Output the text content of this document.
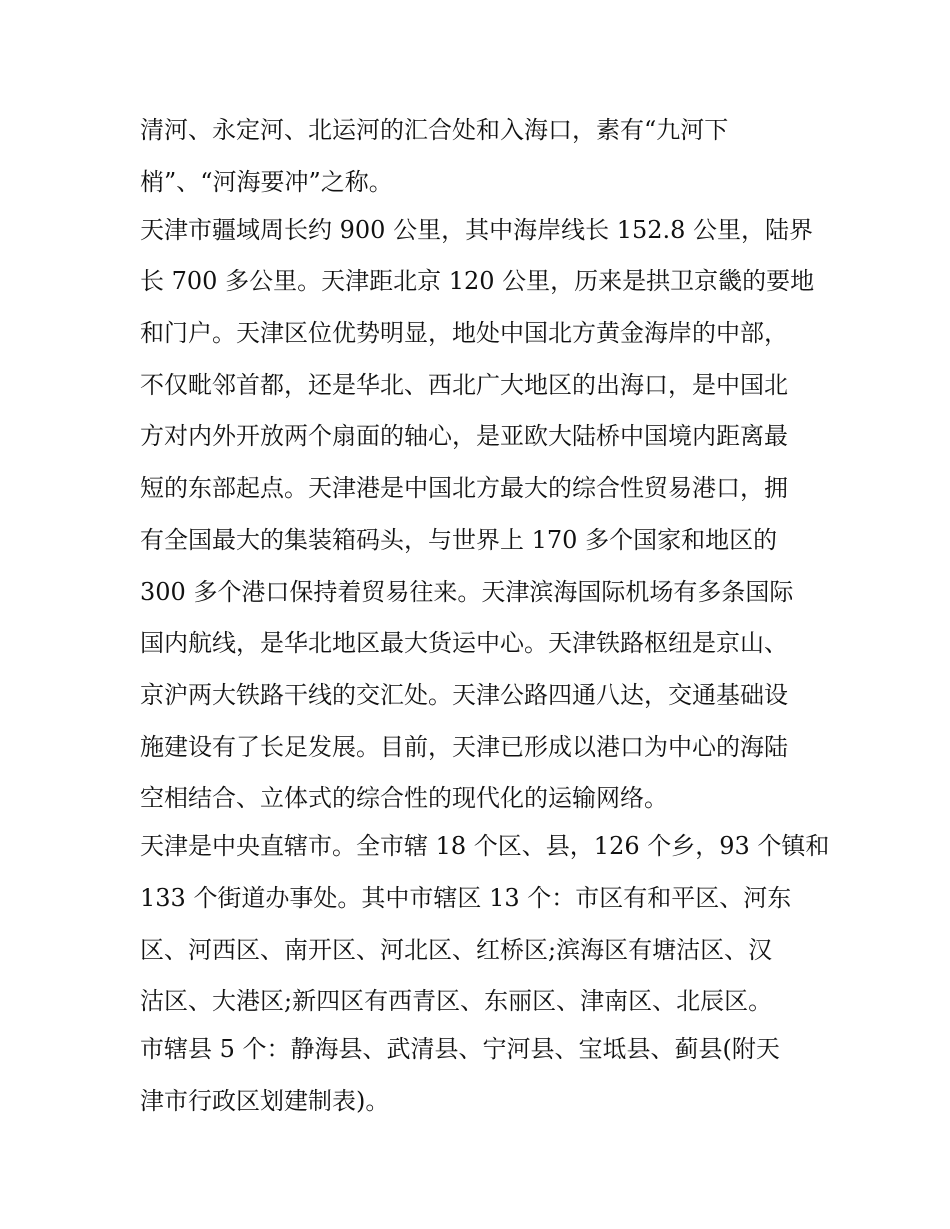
清河、永定河、北运河的汇合处和入海口，素有“九河下
梢”、“河海要冲”之称。
天津市疆域周长约 900 公里，其中海岸线长 152.8 公里，陆界
长 700 多公里。天津距北京 120 公里，历来是拱卫京畿的要地
和门户。天津区位优势明显，地处中国北方黄金海岸的中部，
不仅毗邻首都，还是华北、西北广大地区的出海口，是中国北
方对内外开放两个扇面的轴心，是亚欧大陆桥中国境内距离最
短的东部起点。天津港是中国北方最大的综合性贸易港口，拥
有全国最大的集装箱码头，与世界上 170 多个国家和地区的
300 多个港口保持着贸易往来。天津滨海国际机场有多条国际
国内航线，是华北地区最大货运中心。天津铁路枢纽是京山、
京沪两大铁路干线的交汇处。天津公路四通八达，交通基础设
施建设有了长足发展。目前，天津已形成以港口为中心的海陆
空相结合、立体式的综合性的现代化的运输网络。
天津是中央直辖市。全市辖 18 个区、县，126 个乡，93 个镇和
133 个街道办事处。其中市辖区 13 个：市区有和平区、河东
区、河西区、南开区、河北区、红桥区;滨海区有塘沽区、汉
沽区、大港区;新四区有西青区、东丽区、津南区、北辰区。
市辖县 5 个：静海县、武清县、宁河县、宝坻县、蓟县(附天
津市行政区划建制表)。
